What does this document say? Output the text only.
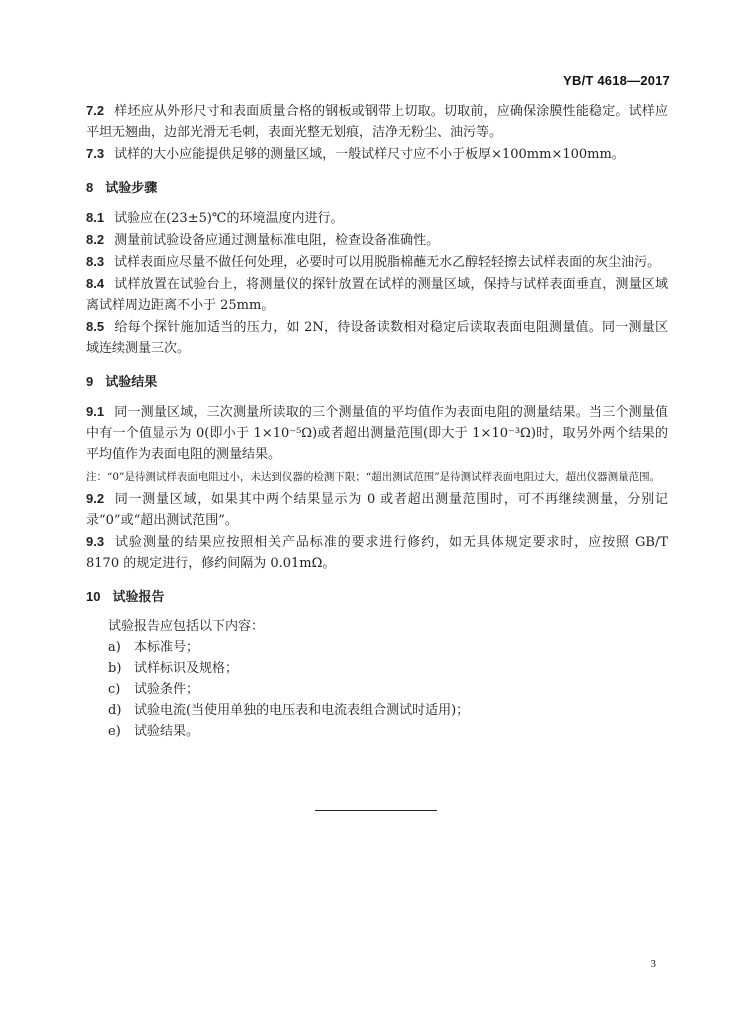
YB/T 4618—2017

7.2 样坯应从外形尺寸和表面质量合格的钢板或钢带上切取。切取前，应确保涂膜性能稳定。试样应平坦无翘曲，边部光滑无毛刺，表面光整无划痕，洁净无粉尘、油污等。

7.3 试样的大小应能提供足够的测量区域，一般试样尺寸应不小于板厚×100mm×100mm。

8 试验步骤

8.1 试验应在(23±5)℃的环境温度内进行。

8.2 测量前试验设备应通过测量标准电阻，检查设备准确性。

8.3 试样表面应尽量不做任何处理，必要时可以用脱脂棉蘸无水乙醇轻轻擦去试样表面的灰尘油污。

8.4 试样放置在试验台上，将测量仪的探针放置在试样的测量区域，保持与试样表面垂直，测量区域离试样周边距离不小于 25mm。

8.5 给每个探针施加适当的压力，如 2N，待设备读数相对稳定后读取表面电阻测量值。同一测量区域连续测量三次。

9 试验结果

9.1 同一测量区域，三次测量所读取的三个测量值的平均值作为表面电阻的测量结果。当三个测量值中有一个值显示为 0(即小于 1×10⁻⁵Ω)或者超出测量范围(即大于 1×10⁻³Ω)时，取另外两个结果的平均值作为表面电阻的测量结果。

注：“0”是待测试样表面电阻过小，未达到仪器的检测下限；“超出测试范围”是待测试样表面电阻过大，超出仪器测量范围。

9.2 同一测量区域，如果其中两个结果显示为 0 或者超出测量范围时，可不再继续测量，分别记录“0”或“超出测试范围”。

9.3 试验测量的结果应按照相关产品标准的要求进行修约，如无具体规定要求时，应按照 GB/T 8170 的规定进行，修约间隔为 0.01mΩ。

10 试验报告

试验报告应包括以下内容：

a) 本标准号；
b) 试样标识及规格；
c) 试验条件；
d) 试验电流(当使用单独的电压表和电流表组合测试时适用)；
e) 试验结果。
3
